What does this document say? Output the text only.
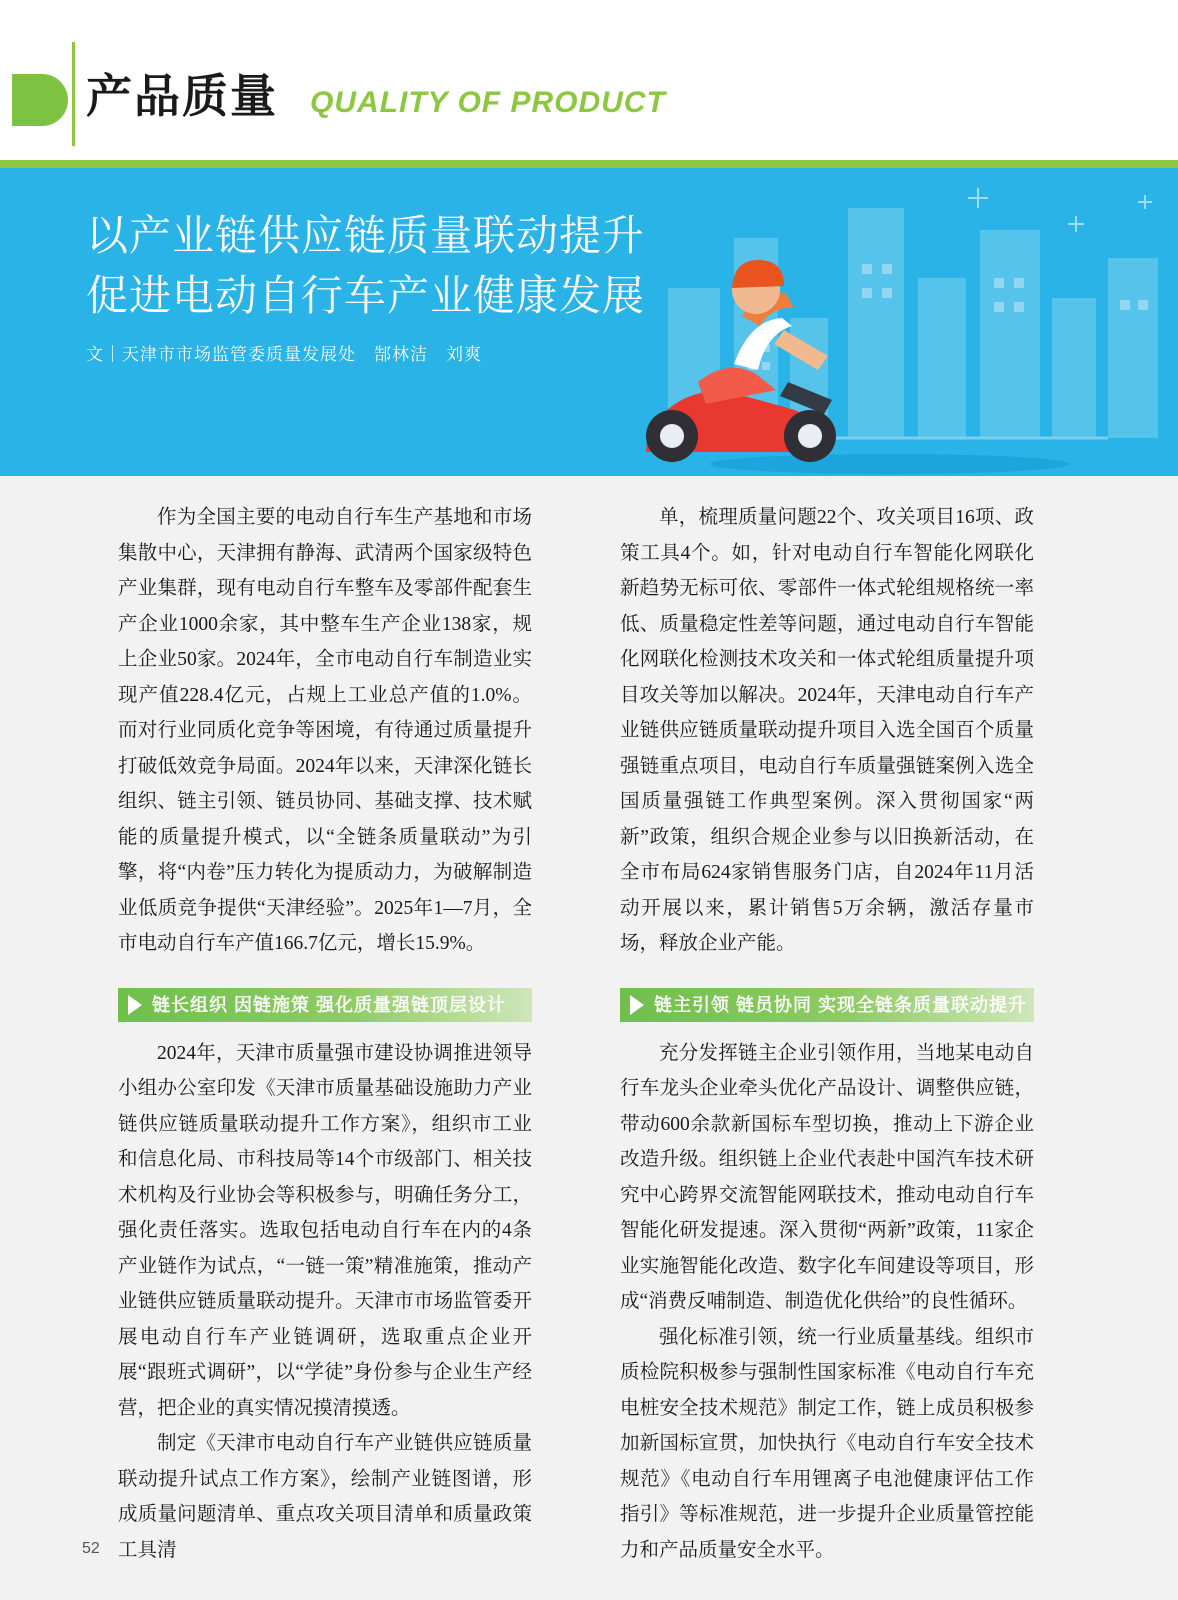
产品质量 QUALITY OF PRODUCT
以产业链供应链质量联动提升
促进电动自行车产业健康发展
文｜天津市市场监管委质量发展处　郜林洁　刘爽

作为全国主要的电动自行车生产基地和市场集散中心，天津拥有静海、武清两个国家级特色产业集群，现有电动自行车整车及零部件配套生产企业1000余家，其中整车生产企业138家，规上企业50家。2024年，全市电动自行车制造业实现产值228.4亿元，占规上工业总产值的1.0%。而对行业同质化竞争等困境，有待通过质量提升打破低效竞争局面。2024年以来，天津深化链长组织、链主引领、链员协同、基础支撑、技术赋能的质量提升模式，以“全链条质量联动”为引擎，将“内卷”压力转化为提质动力，为破解制造业低质竞争提供“天津经验”。2025年1—7月，全市电动自行车产值166.7亿元，增长15.9%。

链长组织 因链施策 强化质量强链顶层设计

2024年，天津市质量强市建设协调推进领导小组办公室印发《天津市质量基础设施助力产业链供应链质量联动提升工作方案》，组织市工业和信息化局、市科技局等14个市级部门、相关技术机构及行业协会等积极参与，明确任务分工，强化责任落实。选取包括电动自行车在内的4条产业链作为试点，“一链一策”精准施策，推动产业链供应链质量联动提升。天津市市场监管委开展电动自行车产业链调研，选取重点企业开展“跟班式调研”，以“学徒”身份参与企业生产经营，把企业的真实情况摸清摸透。

制定《天津市电动自行车产业链供应链质量联动提升试点工作方案》，绘制产业链图谱，形成质量问题清单、重点攻关项目清单和质量政策工具清

单，梳理质量问题22个、攻关项目16项、政策工具4个。如，针对电动自行车智能化网联化新趋势无标可依、零部件一体式轮组规格统一率低、质量稳定性差等问题，通过电动自行车智能化网联化检测技术攻关和一体式轮组质量提升项目攻关等加以解决。2024年，天津电动自行车产业链供应链质量联动提升项目入选全国百个质量强链重点项目，电动自行车质量强链案例入选全国质量强链工作典型案例。深入贯彻国家“两新”政策，组织合规企业参与以旧换新活动，在全市布局624家销售服务门店，自2024年11月活动开展以来，累计销售5万余辆，激活存量市场，释放企业产能。

链主引领 链员协同 实现全链条质量联动提升

充分发挥链主企业引领作用，当地某电动自行车龙头企业牵头优化产品设计、调整供应链，带动600余款新国标车型切换，推动上下游企业改造升级。组织链上企业代表赴中国汽车技术研究中心跨界交流智能网联技术，推动电动自行车智能化研发提速。深入贯彻“两新”政策，11家企业实施智能化改造、数字化车间建设等项目，形成“消费反哺制造、制造优化供给”的良性循环。

强化标准引领，统一行业质量基线。组织市质检院积极参与强制性国家标准《电动自行车充电桩安全技术规范》制定工作，链上成员积极参加新国标宣贯，加快执行《电动自行车安全技术规范》《电动自行车用锂离子电池健康评估工作指引》等标准规范，进一步提升企业质量管控能力和产品质量安全水平。

52
